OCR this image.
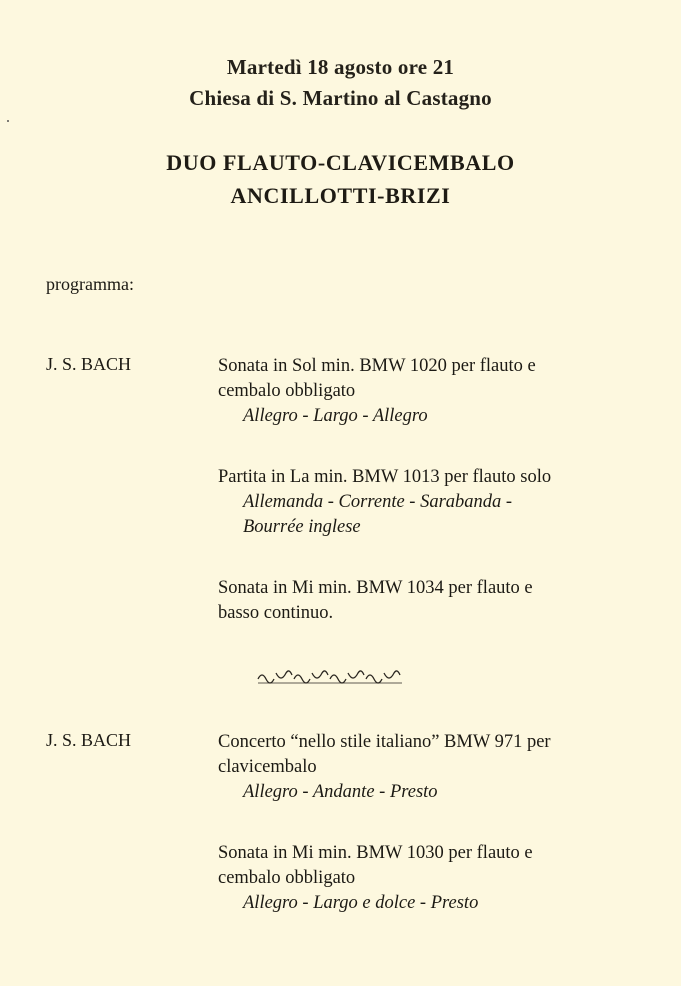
Martedì 18 agosto ore 21
Chiesa di S. Martino al Castagno
DUO FLAUTO-CLAVICEMBALO
ANCILLOTTI-BRIZI
programma:
J. S. BACH	Sonata in Sol min. BMW 1020 per flauto e
cembalo obbligato
Allegro - Largo - Allegro
Partita in La min. BMW 1013 per flauto solo
Allemanda - Corrente - Sarabanda -
Bourrée inglese
Sonata in Mi min. BMW 1034 per flauto e
basso continuo.
J. S. BACH	Concerto “nello stile italiano” BMW 971 per
clavicembalo
Allegro - Andante - Presto
Sonata in Mi min. BMW 1030 per flauto e
cembalo obbligato
Allegro - Largo e dolce - Presto
